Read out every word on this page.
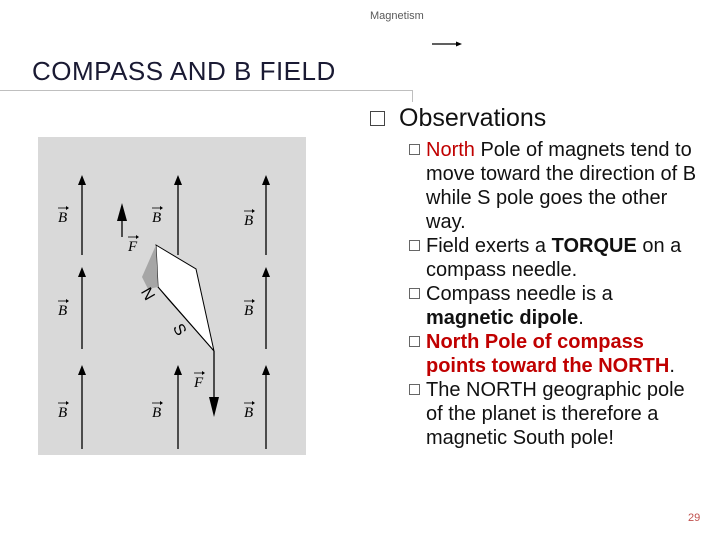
Magnetism
COMPASS AND B FIELD
Observations
North Pole of magnets tend to move toward the direction of B while S pole goes the other way.
Field exerts a TORQUE on a compass needle.
Compass needle is a magnetic dipole.
North Pole of compass points toward the NORTH.
The NORTH geographic pole of the planet is therefore a magnetic South pole!
B	B	B
B	B
B	B	B
N
S
F
F
29
